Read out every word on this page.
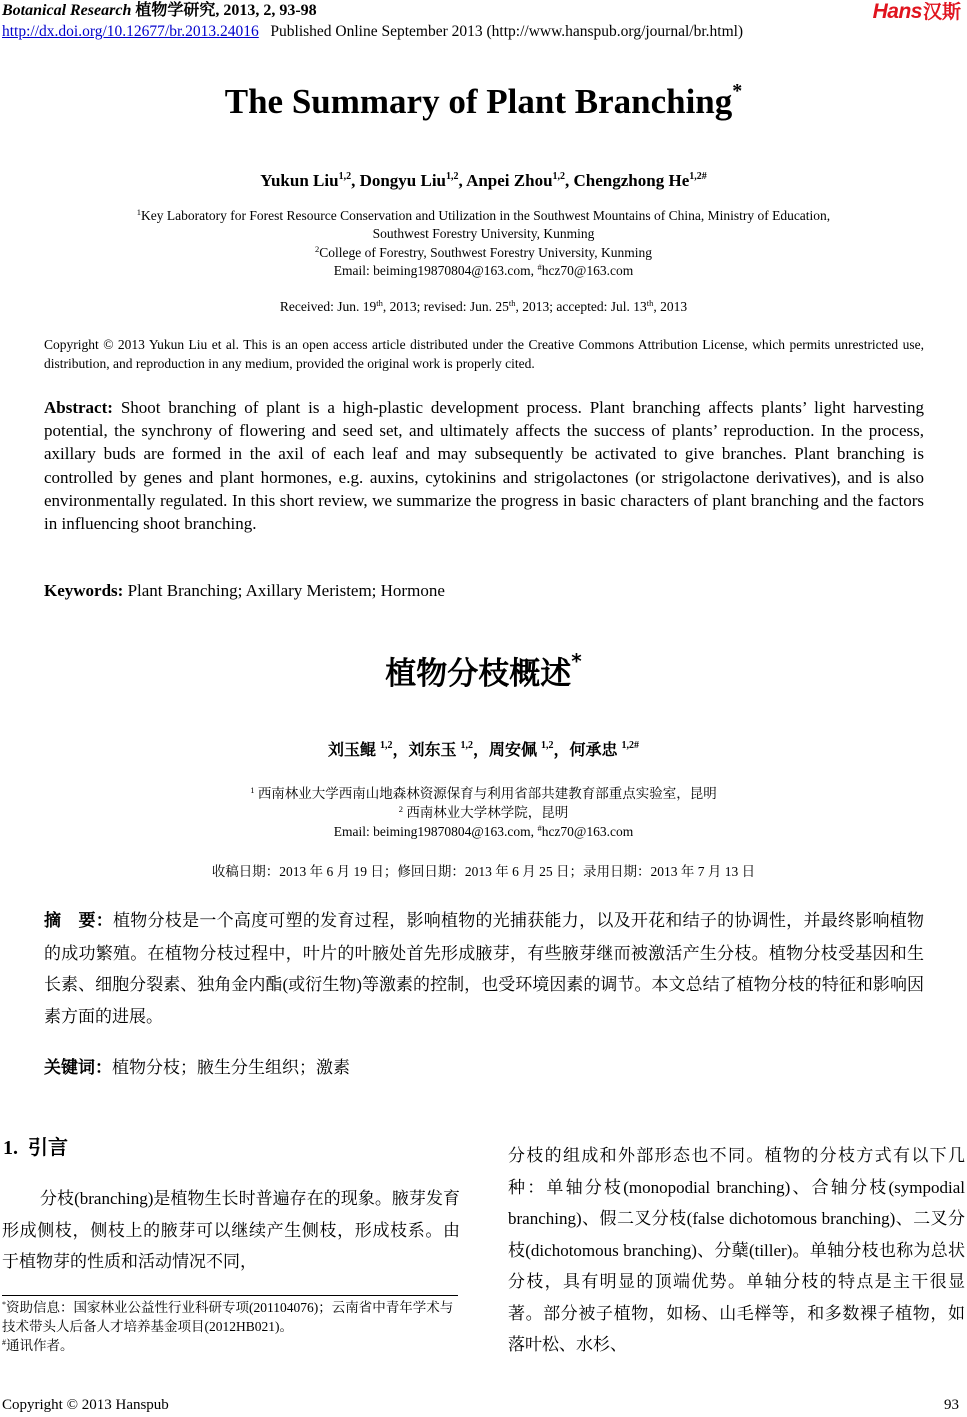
Botanical Research 植物学研究, 2013, 2, 93-98
http://dx.doi.org/10.12677/br.2013.24016 Published Online September 2013 (http://www.hanspub.org/journal/br.html)
Hans汉斯
The Summary of Plant Branching*
Yukun Liu$^{1,2}$, Dongyu Liu$^{1,2}$, Anpei Zhou$^{1,2}$, Chengzhong $He^{1,2\#}$
$^1$Key Laboratory for Forest Resource Conservation and Utilization in the Southwest Mountains of China, Ministry of Education,
Southwest Forestry University, Kunming
$^2$College of Forestry, Southwest Forestry University, Kunming
Email: beiming19870804@163.com, #hcz70@163.com
Received: Jun. 19th, 2013; revised: Jun. 25th, 2013; accepted: Jul. 13th, 2013
Copyright © 2013 Yukun Liu et al. This is an open access article distributed under the Creative Commons Attribution License, which permits unrestricted use, distribution, and reproduction in any medium, provided the original work is properly cited.
Abstract: Shoot branching of plant is a high-plastic development process. Plant branching affects plants’ light harvesting potential, the synchrony of flowering and seed set, and ultimately affects the success of plants’ reproduction. In the process, axillary buds are formed in the axil of each leaf and may subsequently be activated to give branches. Plant branching is controlled by genes and plant hormones, e.g. auxins, cytokinins and strigolactones (or strigolactone derivatives), and is also environmentally regulated. In this short review, we summarize the progress in basic characters of plant branching and the factors in influencing shoot branching.
Keywords: Plant Branching; Axillary Meristem; Hormone
植物分枝概述*
刘玉鲲 $^{1,2}$，刘东玉 $^{1,2}$，周安佩 $^{1,2}$，何承忠 $^{1,2\#}$
$^1$ 西南林业大学西南山地森林资源保育与利用省部共建教育部重点实验室，昆明
$^2$ 西南林业大学林学院，昆明
Email: beiming19870804@163.com, #hcz70@163.com
收稿日期：2013 年 6 月 19 日；修回日期：2013 年 6 月 25 日；录用日期：2013 年 7 月 13 日
摘　要：植物分枝是一个高度可塑的发育过程，影响植物的光捕获能力，以及开花和结子的协调性，并最终影响植物的成功繁殖。在植物分枝过程中，叶片的叶腋处首先形成腋芽，有些腋芽继而被激活产生分枝。植物分枝受基因和生长素、细胞分裂素、独角金内酯(或衍生物)等激素的控制，也受环境因素的调节。本文总结了植物分枝的特征和影响因素方面的进展。
关键词：植物分枝；腋生分生组织；激素
1. 引言
分枝(branching)是植物生长时普遍存在的现象。腋芽发育形成侧枝，侧枝上的腋芽可以继续产生侧枝，形成枝系。由于植物芽的性质和活动情况不同，
分枝的组成和外部形态也不同。植物的分枝方式有以下几种：单轴分枝(monopodial branching)、合轴分枝(sympodial branching)、假二叉分枝(false dichotomous branching)、二叉分枝(dichotomous branching)、分蘖(tiller)。单轴分枝也称为总状分枝，具有明显的顶端优势。单轴分枝的特点是主干很显著。部分被子植物，如杨、山毛榉等，和多数裸子植物，如落叶松、水杉、
*资助信息：国家林业公益性行业科研专项(201104076)；云南省中青年学术与技术带头人后备人才培养基金项目(2012HB021)。
#通讯作者。
Copyright © 2013 Hanspub	93
